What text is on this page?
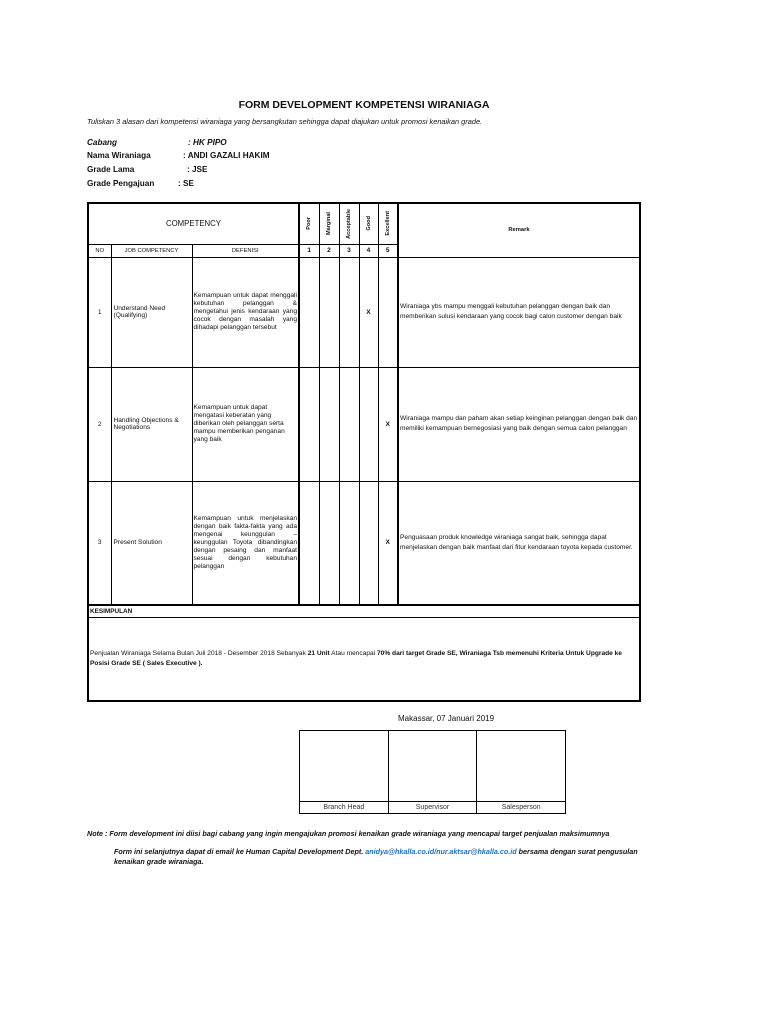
FORM DEVELOPMENT KOMPETENSI WIRANIAGA
Tuliskan 3 alasan dari kompetensi wiraniaga yang bersangkutan sehingga dapat diajukan untuk promosi kenaikan grade.
Cabang	: HK PIPO
Nama Wiraniaga	: ANDI GAZALI HAKIM
Grade Lama	: JSE
Grade Pengajuan	: SE
COMPETENCY			Poor	Marginal	Acceptable	Good	Excellent	Remark
NO	JOB COMPETENCY	DEFENISI	1	2	3	4	5	
1	Understand Need (Qualifying)	Kemampuan untuk dapat menggali kebutuhan pelanggan & mengetahui jenis kendaraan yang cocok dengan masalah yang dihadapi pelanggan tersebut				X		Wiraniaga ybs mampu menggali kebutuhan pelanggan dengan baik dan memberikan sulusi kendaraan yang cocok bagi calon customer dengan baik
2	Handling Objections & Negotiations	Kemampuan untuk dapat mengatasi keberatan yang diberikan oleh pelanggan serta mampu memberikan penganan yang baik					X	Wiraniaga mampu dan paham akan setiap keinginan pelanggan dengan baik dan memiliki kemampuan bernegosiasi yang baik dengan semua calon pelanggan
3	Present Solution	Kemampuan untuk menjelaskan dengan baik fakta-fakta yang ada mengenai keunggulan – keunggulan Toyota dibandingkan dengan pesaing dan manfaat sesuai dengan kebutuhan pelanggan					X	Penguasaan produk knowledge wiraniaga sangat baik, sehingga dapat menjelaskan dengan baik manfaat dari fitur kendaraan toyota kepada customer.
KESIMPULAN								
Penjualan Wiraniaga Selama Bulan Juli 2018 - Desember 2018 Sebanyak 21 Unit Atau mencapai 70% dari target Grade SE, Wiraniaga Tsb memenuhi Kriteria Untuk Upgrade ke Posisi Grade SE ( Sales Executive ).								
Makassar, 07 Januari 2019
Branch Head	Supervisor	Salesperson
Note : Form development ini diisi bagi cabang yang ingin mengajukan promosi kenaikan grade wiraniaga yang mencapai target penjualan maksimumnya
Form ini selanjutnya dapat di email ke Human Capital Development Dept. anidya@hkalla.co.id/nur.aktsar@hkalla.co.id bersama dengan surat pengusulan kenaikan grade wiraniaga.
